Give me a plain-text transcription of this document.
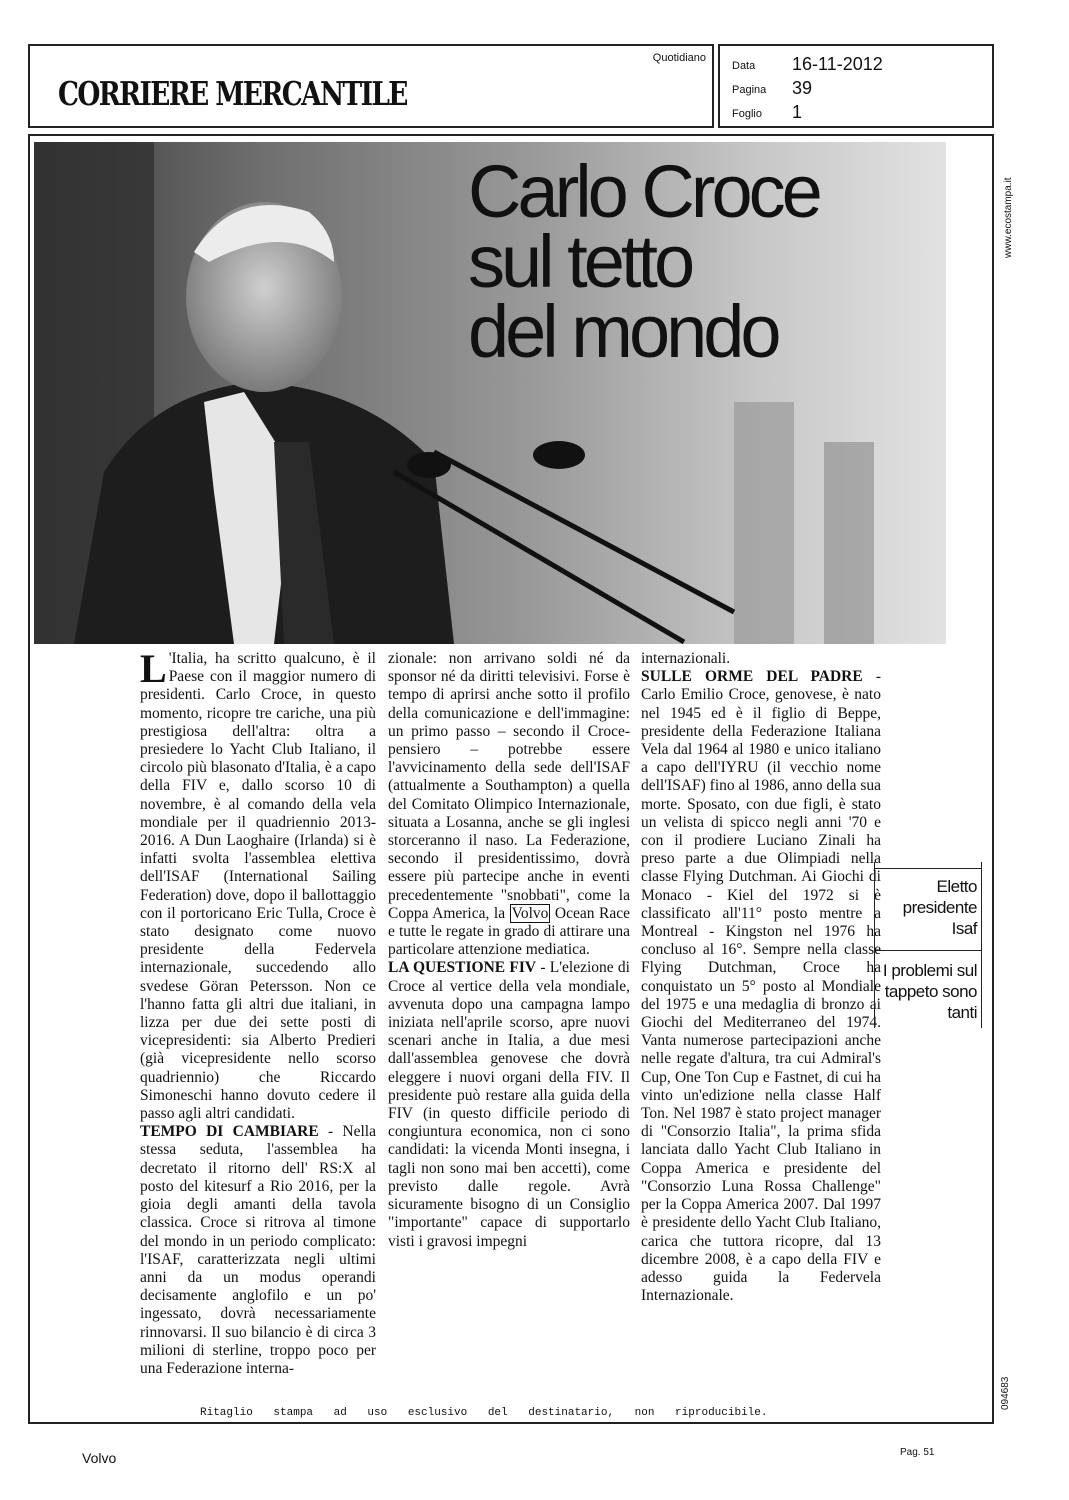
CORRIERE MERCANTILE
Quotidiano
Data	16-11-2012
Pagina	39
Foglio	1
www.ecostampa.it
094683
Carlo Croce
sul tetto
del mondo

L 'Italia, ha scritto qualcuno, è il Paese con il maggior numero di presidenti. Carlo Croce, in questo momento, ricopre tre cariche, una più prestigiosa dell'altra: oltra a presiedere lo Yacht Club Italiano, il circolo più blasonato d'Italia, è a capo della FIV e, dallo scorso 10 di novembre, è al comando della vela mondiale per il quadriennio 2013-2016. A Dun Laoghaire (Irlanda) si è infatti svolta l'assemblea elettiva dell'ISAF (International Sailing Federation) dove, dopo il ballottaggio con il portoricano Eric Tulla, Croce è stato designato come nuovo presidente della Federvela internazionale, succedendo allo svedese Göran Petersson. Non ce l'hanno fatta gli altri due italiani, in lizza per due dei sette posti di vicepresidenti: sia Alberto Predieri (già vicepresidente nello scorso quadriennio) che Riccardo Simoneschi hanno dovuto cedere il passo agli altri candidati.

TEMPO DI CAMBIARE - Nella stessa seduta, l'assemblea ha decretato il ritorno dell' RS:X al posto del kitesurf a Rio 2016, per la gioia degli amanti della tavola classica. Croce si ritrova al timone del mondo in un periodo complicato: l'ISAF, caratterizzata negli ultimi anni da un modus operandi decisamente anglofilo e un po' ingessato, dovrà necessariamente rinnovarsi. Il suo bilancio è di circa 3 milioni di sterline, troppo poco per una Federazione interna-

zionale: non arrivano soldi né da sponsor né da diritti televisivi. Forse è tempo di aprirsi anche sotto il profilo della comunicazione e dell'immagine: un primo passo – secondo il Croce-pensiero – potrebbe essere l'avvicinamento della sede dell'ISAF (attualmente a Southampton) a quella del Comitato Olimpico Internazionale, situata a Losanna, anche se gli inglesi storceranno il naso. La Federazione, secondo il presidentissimo, dovrà essere più partecipe anche in eventi precedentemente "snobbati", come la Coppa America, la Volvo Ocean Race e tutte le regate in grado di attirare una particolare attenzione mediatica.

LA QUESTIONE FIV - L'elezione di Croce al vertice della vela mondiale, avvenuta dopo una campagna lampo iniziata nell'aprile scorso, apre nuovi scenari anche in Italia, a due mesi dall'assemblea genovese che dovrà eleggere i nuovi organi della FIV. Il presidente può restare alla guida della FIV (in questo difficile periodo di congiuntura economica, non ci sono candidati: la vicenda Monti insegna, i tagli non sono mai ben accetti), come previsto dalle regole. Avrà sicuramente bisogno di un Consiglio "importante" capace di supportarlo visti i gravosi impegni

internazionali.

SULLE ORME DEL PADRE - Carlo Emilio Croce, genovese, è nato nel 1945 ed è il figlio di Beppe, presidente della Federazione Italiana Vela dal 1964 al 1980 e unico italiano a capo dell'IYRU (il vecchio nome dell'ISAF) fino al 1986, anno della sua morte. Sposato, con due figli, è stato un velista di spicco negli anni '70 e con il prodiere Luciano Zinali ha preso parte a due Olimpiadi nella classe Flying Dutchman. Ai Giochi di Monaco - Kiel del 1972 si è classificato all'11° posto mentre a Montreal - Kingston nel 1976 ha concluso al 16°. Sempre nella classe Flying Dutchman, Croce ha conquistato un 5° posto al Mondiale del 1975 e una medaglia di bronzo ai Giochi del Mediterraneo del 1974. Vanta numerose partecipazioni anche nelle regate d'altura, tra cui Admiral's Cup, One Ton Cup e Fastnet, di cui ha vinto un'edizione nella classe Half Ton. Nel 1987 è stato project manager di "Consorzio Italia", la prima sfida lanciata dallo Yacht Club Italiano in Coppa America e presidente del "Consorzio Luna Rossa Challenge" per la Coppa America 2007. Dal 1997 è presidente dello Yacht Club Italiano, carica che tuttora ricopre, dal 13 dicembre 2008, è a capo della FIV e adesso guida la Federvela Internazionale.

Eletto presidente Isaf
I problemi sul tappeto sono tanti
Ritaglio stampa ad uso esclusivo del destinatario, non riproducibile.
Volvo	Pag. 51
